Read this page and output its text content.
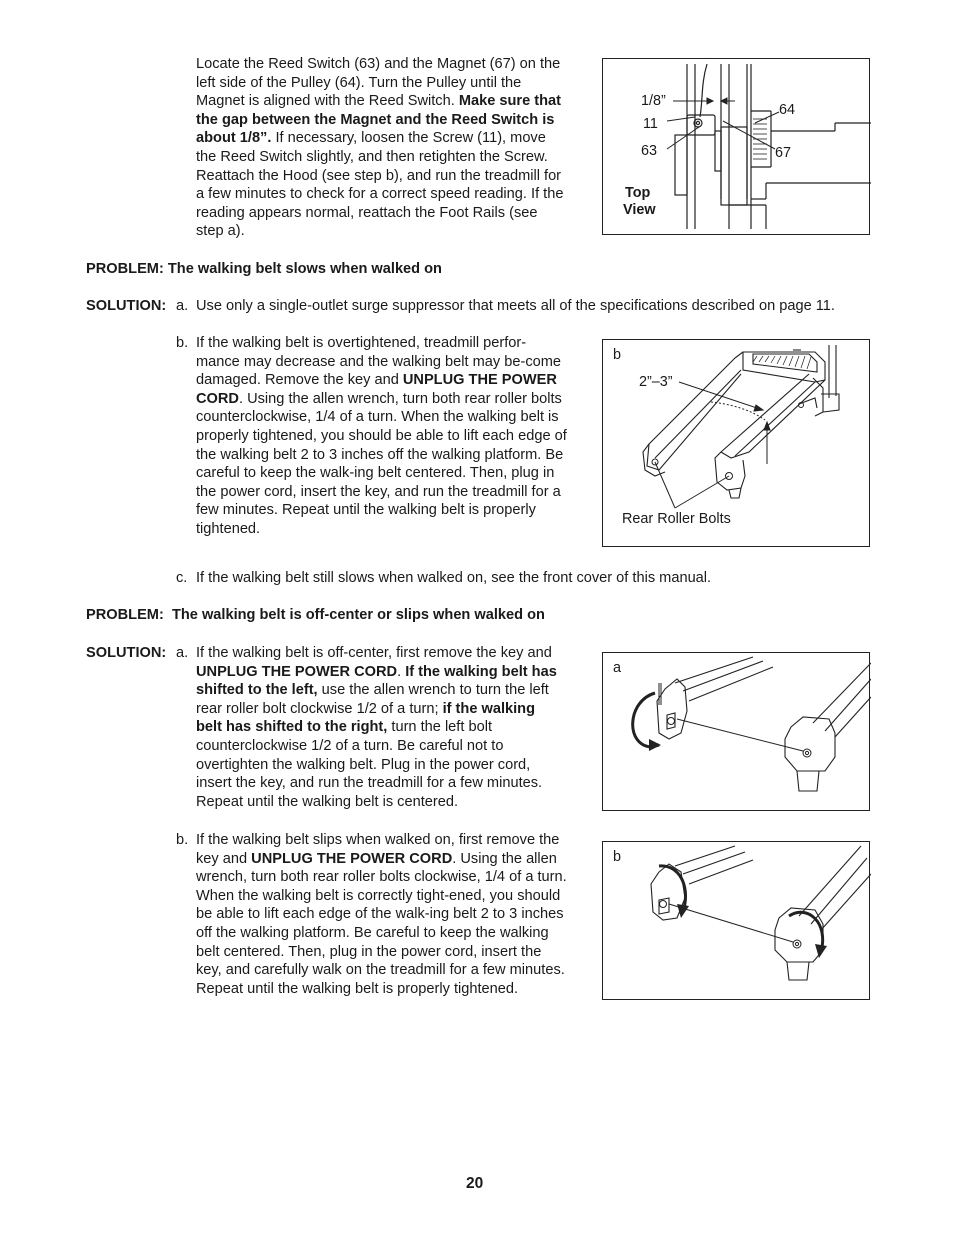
Locate the Reed Switch (63) and the Magnet (67) on the left side of the Pulley (64). Turn the Pulley until the Magnet is aligned with the Reed Switch. Make sure that the gap between the Magnet and the Reed Switch is about 1/8”. If necessary, loosen the Screw (11), move the Reed Switch slightly, and then retighten the Screw. Reattach the Hood (see step b), and run the treadmill for a few minutes to check for a correct speed reading. If the reading appears normal, reattach the Foot Rails (see step a).
1/8”
11
63
64
67
Top
View
PROBLEM: The walking belt slows when walked on
SOLUTION: a. Use only a single-outlet surge suppressor that meets all of the specifications described on page 11.
b. If the walking belt is overtightened, treadmill perfor-mance may decrease and the walking belt may be-come damaged. Remove the key and UNPLUG THE POWER CORD. Using the allen wrench, turn both rear roller bolts counterclockwise, 1/4 of a turn. When the walking belt is properly tightened, you should be able to lift each edge of the walking belt 2 to 3 inches off the walking platform. Be careful to keep the walk-ing belt centered. Then, plug in the power cord, insert the key, and run the treadmill for a few minutes. Repeat until the walking belt is properly tightened.
b
2”–3”
Rear Roller Bolts
c. If the walking belt still slows when walked on, see the front cover of this manual.
PROBLEM:  The walking belt is off-center or slips when walked on
SOLUTION: a. If the walking belt is off-center, first remove the key and UNPLUG THE POWER CORD. If the walking belt has shifted to the left, use the allen wrench to turn the left rear roller bolt clockwise 1/2 of a turn; if the walking belt has shifted to the right, turn the left bolt counterclockwise 1/2 of a turn. Be careful not to overtighten the walking belt. Plug in the power cord, insert the key, and run the treadmill for a few minutes. Repeat until the walking belt is centered.
a
b. If the walking belt slips when walked on, first remove the key and UNPLUG THE POWER CORD. Using the allen wrench, turn both rear roller bolts clockwise, 1/4 of a turn. When the walking belt is correctly tight-ened, you should be able to lift each edge of the walk-ing belt 2 to 3 inches off the walking platform. Be careful to keep the walking belt centered. Then, plug in the power cord, insert the key, and carefully walk on the treadmill for a few minutes. Repeat until the walking belt is properly tightened.
b
20
